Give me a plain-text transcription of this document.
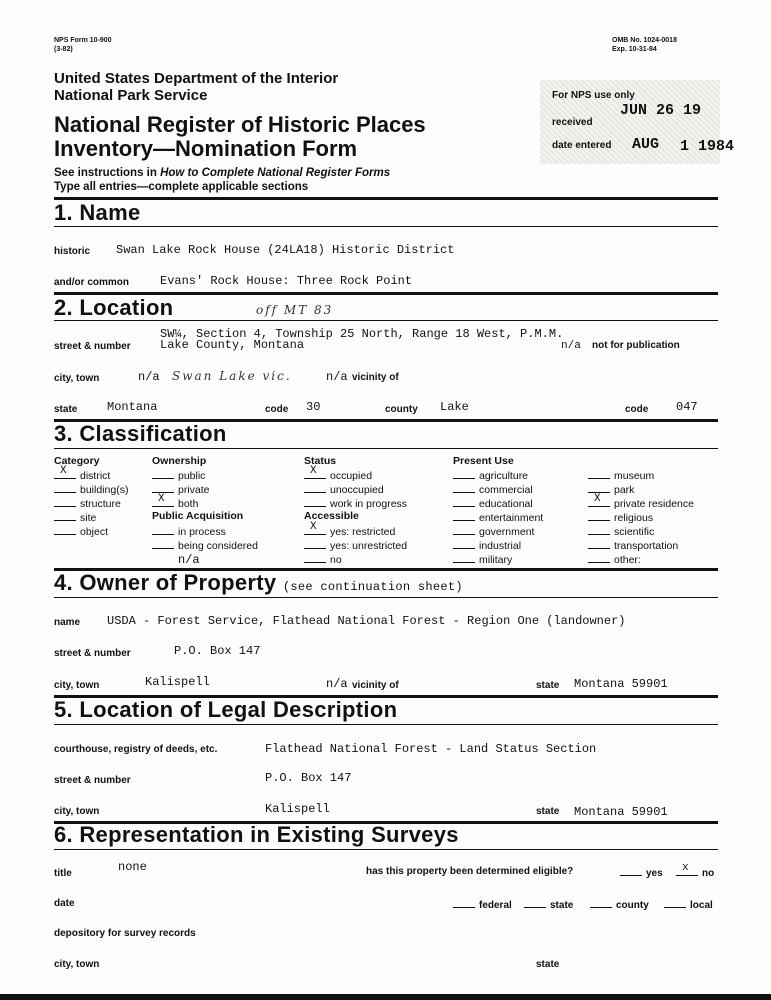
NPS Form 10-900
(3-82)
OMB No. 1024-0018
Exp. 10-31-84
United States Department of the Interior
National Park Service
National Register of Historic Places
Inventory—Nomination Form
See instructions in How to Complete National Register Forms
Type all entries—complete applicable sections
For NPS use only
received
JUN 26 19
date entered AUG 1 1984
1. Name
historic Swan Lake Rock House (24LA18) Historic District
and/or common	Evans' Rock House: Three Rock Point
2. Location	off MT 83
SW¼, Section 4, Township 25 North, Range 18 West, P.M.M.
street & number Lake County, Montana	n/a not for publication
city, town	n/a Swan Lake vic.	n/a vicinity of
state Montana	code 30	county Lake	code 047
3. Classification
Category
X district
building(s)
structure
site
object
Ownership
public
private
X both
Public Acquisition
in process
being considered
n/a
Status
X occupied
unoccupied
work in progress
Accessible
X yes: restricted
yes: unrestricted
no
Present Use
agriculture
commercial
educational
entertainment
government
industrial
military
museum
park
X private residence
religious
scientific
transportation
other:
4. Owner of Property (see continuation sheet)
name USDA - Forest Service, Flathead National Forest - Region One (landowner)
street & number	P.O. Box 147
city, town	Kalispell	n/a vicinity of	state Montana 59901
5. Location of Legal Description
courthouse, registry of deeds, etc.	Flathead National Forest - Land Status Section
street & number	P.O. Box 147
city, town	Kalispell	state Montana 59901
6. Representation in Existing Surveys
title	none	has this property been determined eligible?	yes x no
date	federal	state	county	local
depository for survey records
city, town	state
